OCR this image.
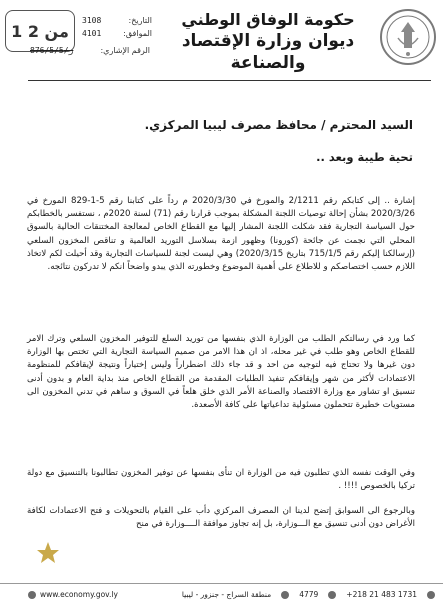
1 من 2
3108	التاريخ:
4101	الموافق:
876/5/ز/5	الرقم الإشاري:
حكومة الوفاق الوطني
ديوان وزارة الإقتصاد والصناعة
السيد المحترم / محافظ مصرف ليبيا المركزي.
تحية طيبة وبعد ..

إشارة .. إلى كتابكم رقم 2/1211 والمورخ في 2020/3/30 م رداً على كتابنا رقم 5-1-829 المورخ في 2020/3/26 بشأن إحالة توصيات اللجنة المشكلة بموجب قرارنا رقم (71) لسنة 2020م ، نستفسر بالخطابكم حول السياسة التجارية فقد شكلت اللجنة المشار إليها مع القطاع الخاص لمعالجة المختنقات الحالية بالسوق المحلي التي نجمت عن جائحة (كورونا) وظهور ازمة بسلاسل التوريد العالمية و تناقص المخزون السلعي (إرسالكنا إليكم رقم 715/1/5 بتاريخ 2020/3/15) وهي ليست لجنة للسياسات التجارية وقد أحيلت لكم لاتخاذ اللازم حسب اختصاصكم و للاطلاع على أهمية الموضوع وخطورته الذي يبدو واضحاً انكم لا تدركون نتائجه.

كما ورد في رسالتكم الطلب من الوزارة الذي بنفسها من توريد السلع للتوفير المخزون السلعي وترك الامر للقطاع الخاص وهو طلب في غير محله، اذ ان هذا الامر من صميم السياسة التجارية التي تختص بها الوزارة دون غيرها ولا تحتاج فيه لتوجيه من احد و قد جاء ذلك اضطراراً وليس إختياراً ونتيجة لإيقافكم للمنظومة الاعتمادات لأكثر من شهر وإيقافكم تنفيذ الطلبات المقدمة من القطاع الخاص منذ بداية العام و بدون أدنى تنسيق او تشاور مع وزارة الاقتصاد والصناعة الأمر الذي خلق هلعاً في السوق و ساهم في تدني المخزون الى مستويات خطيرة تتحملون مسئولية تداعياتها على كافة الأصعدة.

وفي الوقت نفسه الذي تطلبون فيه من الوزارة ان تنأى بنفسها عن توفير المخزون تطالبونا بالتنسيق مع دولة تركيا بالخصوص !!!! .

وبالرجوع الى السوابق إتضح لدينا ان المصرف المركزي دأب على القيام بالتحويلات و فتح الاعتمادات لكافة الأغراض دون أدنى تنسيق مع الـــوزارة، بل إنه تجاوز موافقة الــــوزارة في منح

www.economy.gov.ly	منطقة السراج - جنزور - ليبيا	4779	+218 21 483 1731
